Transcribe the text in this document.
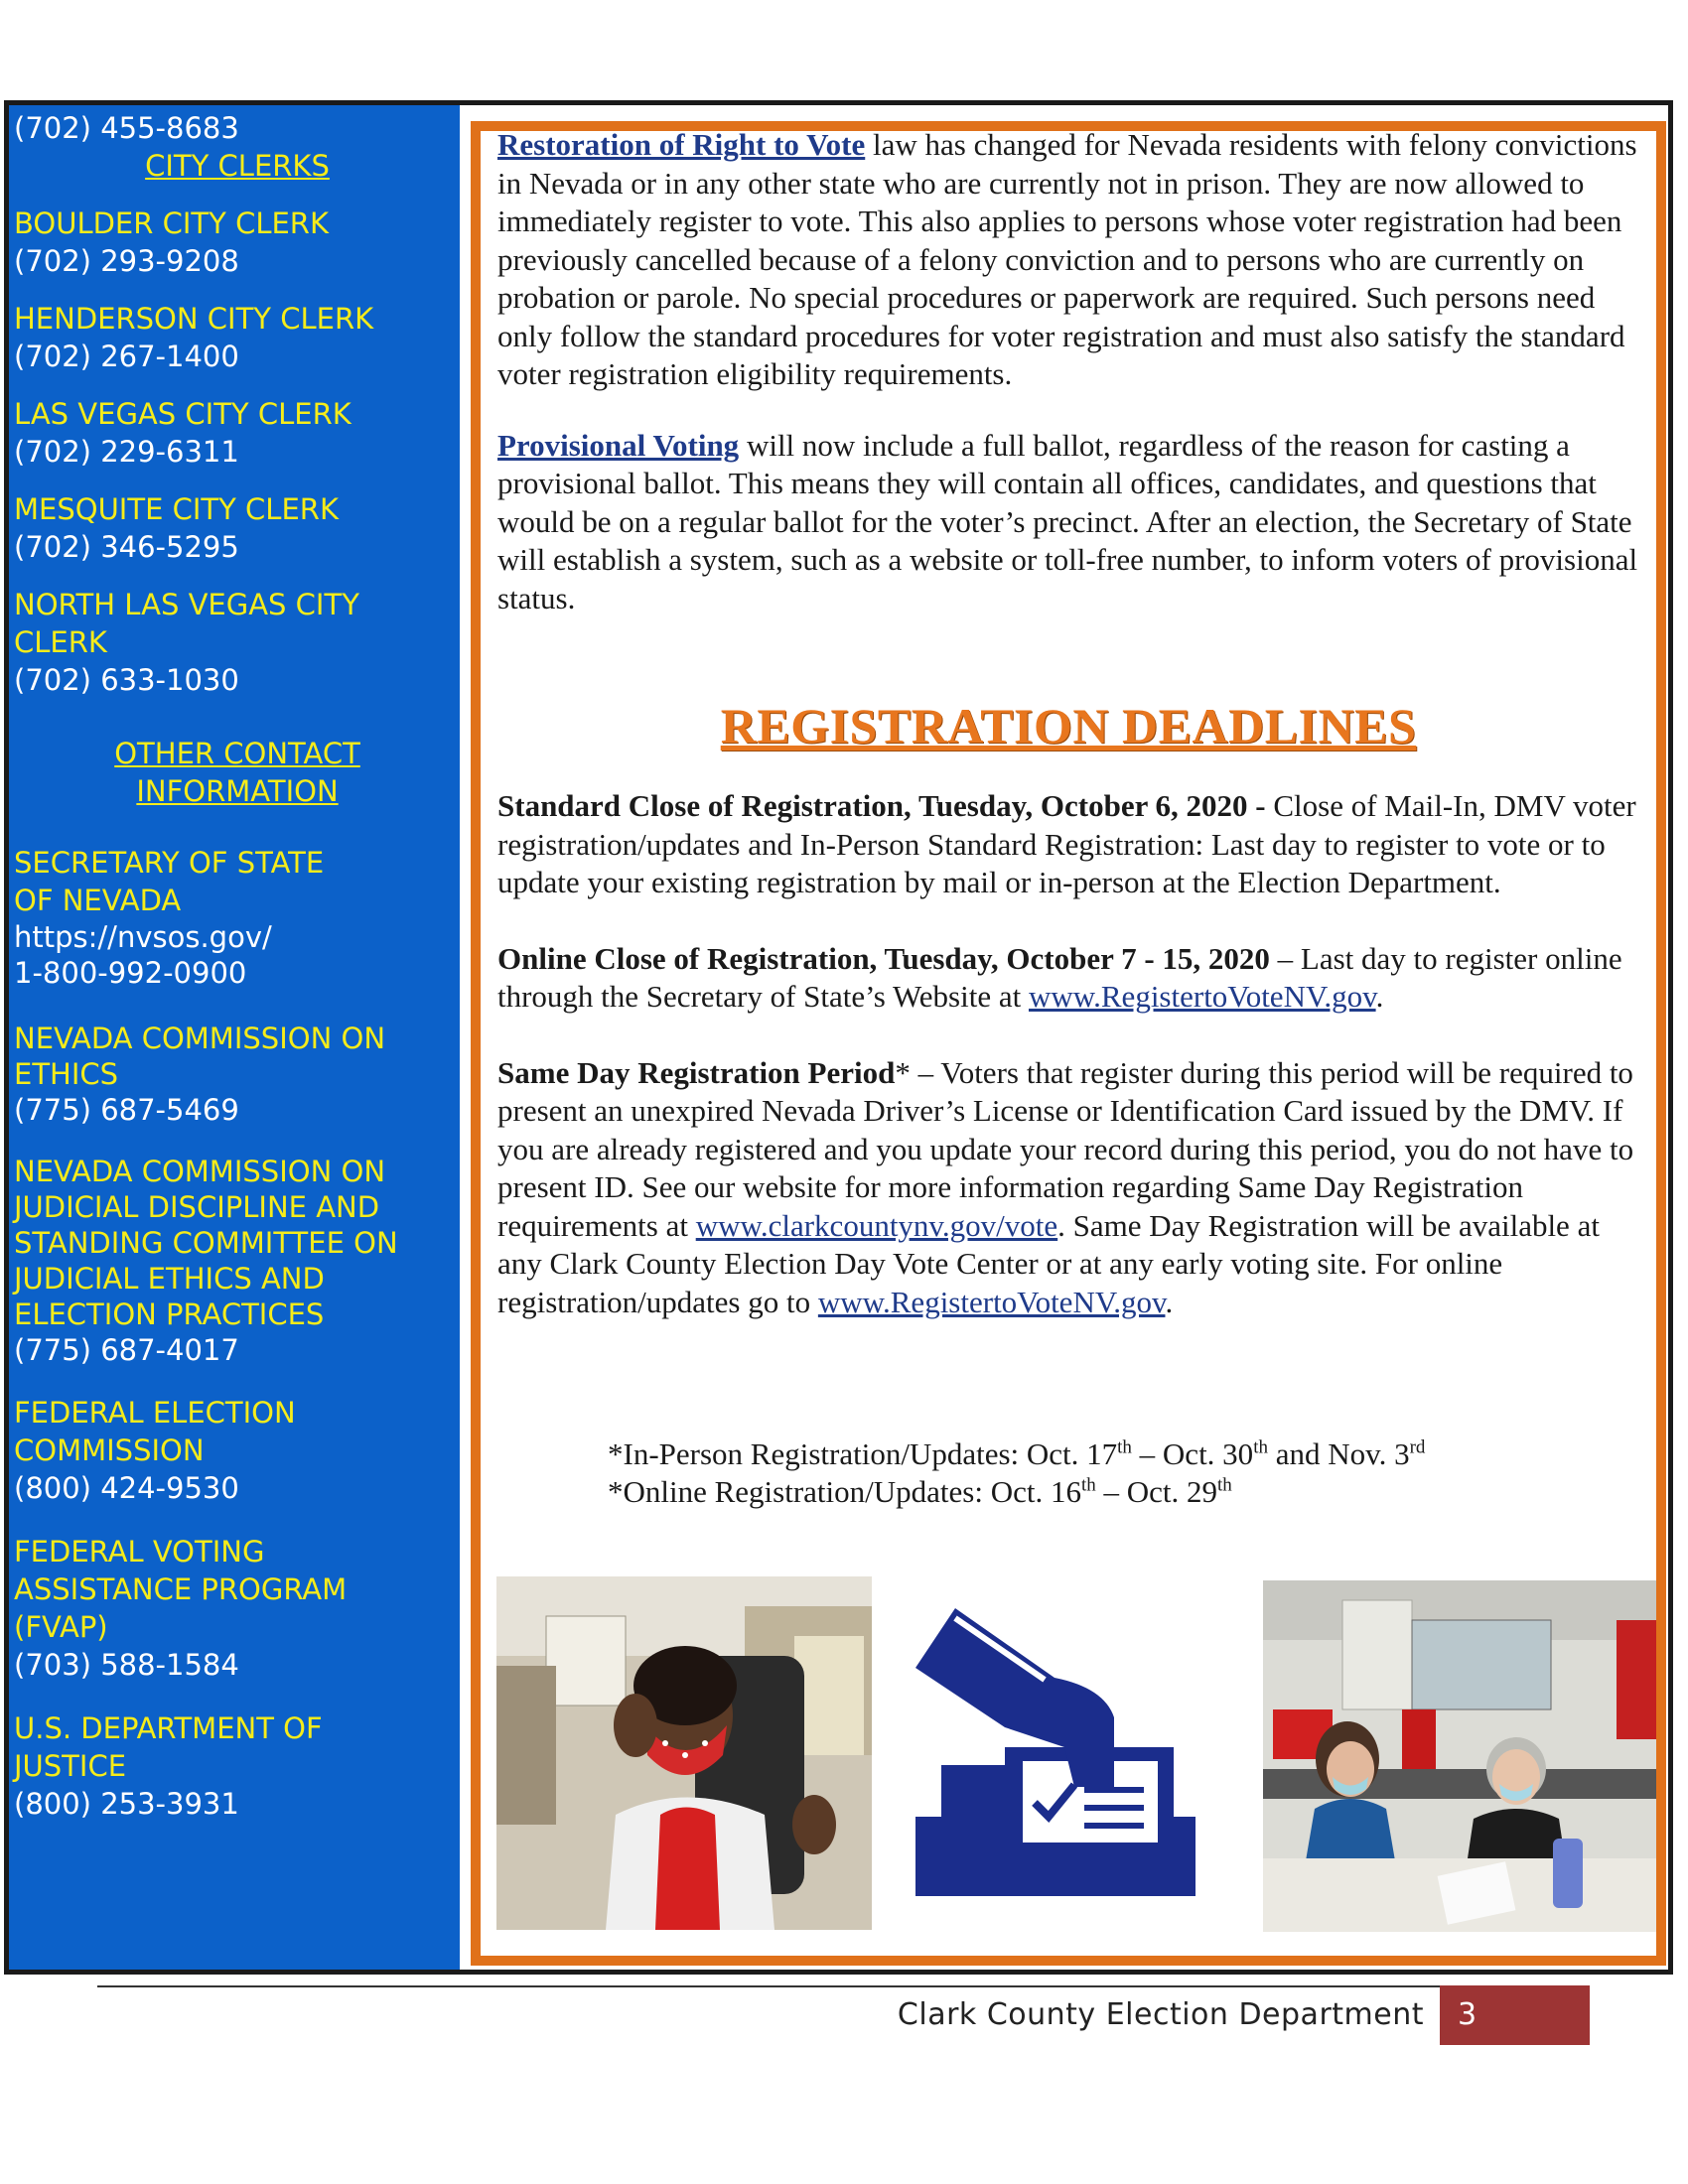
(702) 455-8683
CITY CLERKS
BOULDER CITY CLERK
(702) 293-9208
HENDERSON CITY CLERK
(702) 267-1400
LAS VEGAS CITY CLERK
(702) 229-6311
MESQUITE CITY CLERK
(702) 346-5295
NORTH LAS VEGAS CITY
CLERK
(702) 633-1030
OTHER CONTACT
INFORMATION
SECRETARY OF STATE
OF NEVADA
https://nvsos.gov/
1-800-992-0900
NEVADA COMMISSION ON
ETHICS
(775) 687-5469
NEVADA COMMISSION ON
JUDICIAL DISCIPLINE AND
STANDING COMMITTEE ON
JUDICIAL ETHICS AND
ELECTION PRACTICES
(775) 687-4017
FEDERAL ELECTION
COMMISSION
(800) 424-9530
FEDERAL VOTING
ASSISTANCE PROGRAM
(FVAP)
(703) 588-1584
U.S. DEPARTMENT OF
JUSTICE
(800) 253-3931

Restoration of Right to Vote law has changed for Nevada residents with felony convictions in Nevada or in any other state who are currently not in prison. They are now allowed to immediately register to vote. This also applies to persons whose voter registration had been previously cancelled because of a felony conviction and to persons who are currently on probation or parole. No special procedures or paperwork are required. Such persons need only follow the standard procedures for voter registration and must also satisfy the standard voter registration eligibility requirements.

Provisional Voting will now include a full ballot, regardless of the reason for casting a provisional ballot. This means they will contain all offices, candidates, and questions that would be on a regular ballot for the voter’s precinct. After an election, the Secretary of State will establish a system, such as a website or toll-free number, to inform voters of provisional status.

REGISTRATION DEADLINES

Standard Close of Registration, Tuesday, October 6, 2020 - Close of Mail-In, DMV voter registration/updates and In-Person Standard Registration: Last day to register to vote or to update your existing registration by mail or in-person at the Election Department.

Online Close of Registration, Tuesday, October 7 - 15, 2020 – Last day to register online through the Secretary of State’s Website at www.RegistertoVoteNV.gov.

Same Day Registration Period* – Voters that register during this period will be required to present an unexpired Nevada Driver’s License or Identification Card issued by the DMV. If you are already registered and you update your record during this period, you do not have to present ID. See our website for more information regarding Same Day Registration requirements at www.clarkcountynv.gov/vote. Same Day Registration will be available at any Clark County Election Day Vote Center or at any early voting site. For online registration/updates go to www.RegistertoVoteNV.gov.

*In-Person Registration/Updates: Oct. 17th – Oct. 30th and Nov. 3rd
*Online Registration/Updates: Oct. 16th – Oct. 29th
Clark County Election Department	3
